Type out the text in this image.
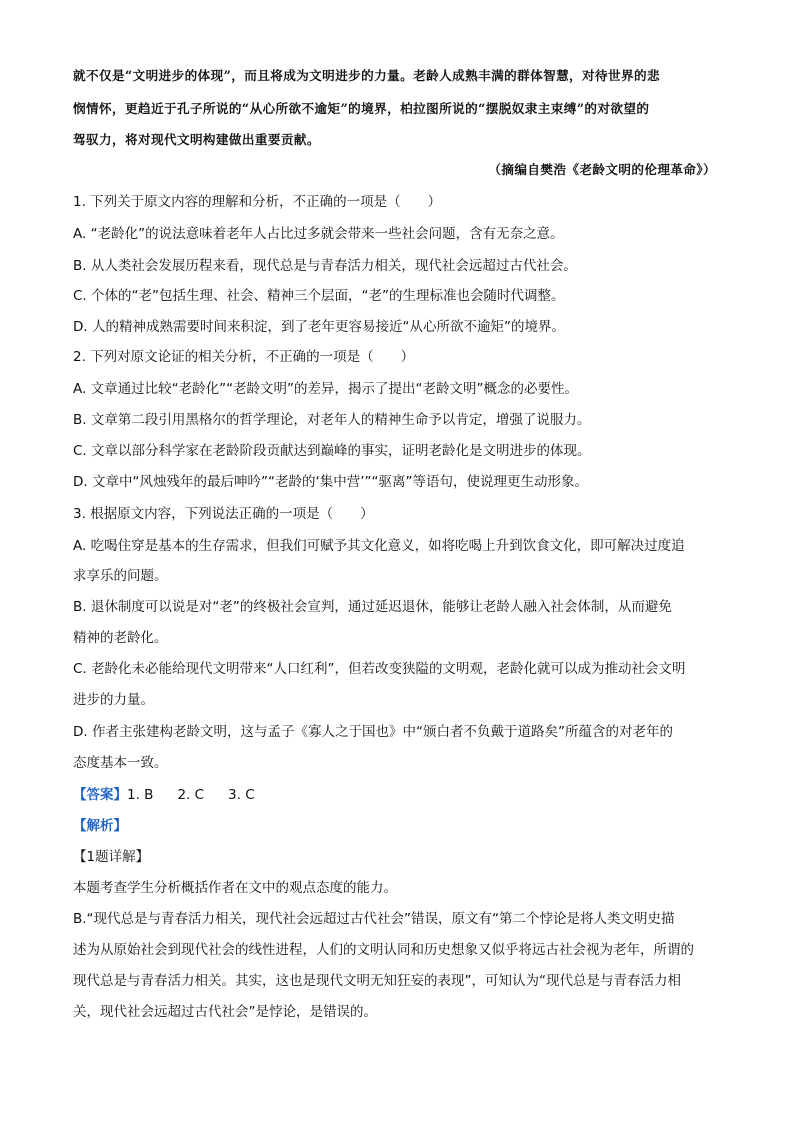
就不仅是“文明进步的体现”，而且将成为文明进步的力量。老龄人成熟丰满的群体智慧，对待世界的悲
悯情怀，更趋近于孔子所说的“从心所欲不逾矩”的境界，柏拉图所说的“摆脱奴隶主束缚”的对欲望的
驾驭力，将对现代文明构建做出重要贡献。
（摘编自樊浩《老龄文明的伦理革命》）
1. 下列关于原文内容的理解和分析，不正确的一项是（　　）
A. “老龄化”的说法意味着老年人占比过多就会带来一些社会问题，含有无奈之意。
B. 从人类社会发展历程来看，现代总是与青春活力相关，现代社会远超过古代社会。
C. 个体的“老”包括生理、社会、精神三个层面，“老”的生理标准也会随时代调整。
D. 人的精神成熟需要时间来积淀，到了老年更容易接近“从心所欲不逾矩”的境界。
2. 下列对原文论证的相关分析，不正确的一项是（　　）
A. 文章通过比较“老龄化”“老龄文明”的差异，揭示了提出“老龄文明”概念的必要性。
B. 文章第二段引用黑格尔的哲学理论，对老年人的精神生命予以肯定，增强了说服力。
C. 文章以部分科学家在老龄阶段贡献达到巅峰的事实，证明老龄化是文明进步的体现。
D. 文章中“风烛残年的最后呻吟”“老龄的‘集中营’”“驱离”等语句，使说理更生动形象。
3. 根据原文内容，下列说法正确的一项是（　　）
A. 吃喝住穿是基本的生存需求，但我们可赋予其文化意义，如将吃喝上升到饮食文化，即可解决过度追
求享乐的问题。
B. 退休制度可以说是对“老”的终极社会宣判，通过延迟退休，能够让老龄人融入社会体制，从而避免
精神的老龄化。
C. 老龄化未必能给现代文明带来“人口红利”，但若改变狭隘的文明观，老龄化就可以成为推动社会文明
进步的力量。
D. 作者主张建构老龄文明，这与孟子《寡人之于国也》中“颁白者不负戴于道路矣”所蕴含的对老年的
态度基本一致。
【答案】1. B 2. C 3. C
【解析】
【1题详解】
本题考查学生分析概括作者在文中的观点态度的能力。
B.“现代总是与青春活力相关，现代社会远超过古代社会”错误，原文有“第二个悖论是将人类文明史描
述为从原始社会到现代社会的线性进程，人们的文明认同和历史想象又似乎将远古社会视为老年，所谓的
现代总是与青春活力相关。其实，这也是现代文明无知狂妄的表现”，可知认为“现代总是与青春活力相
关，现代社会远超过古代社会”是悖论，是错误的。
